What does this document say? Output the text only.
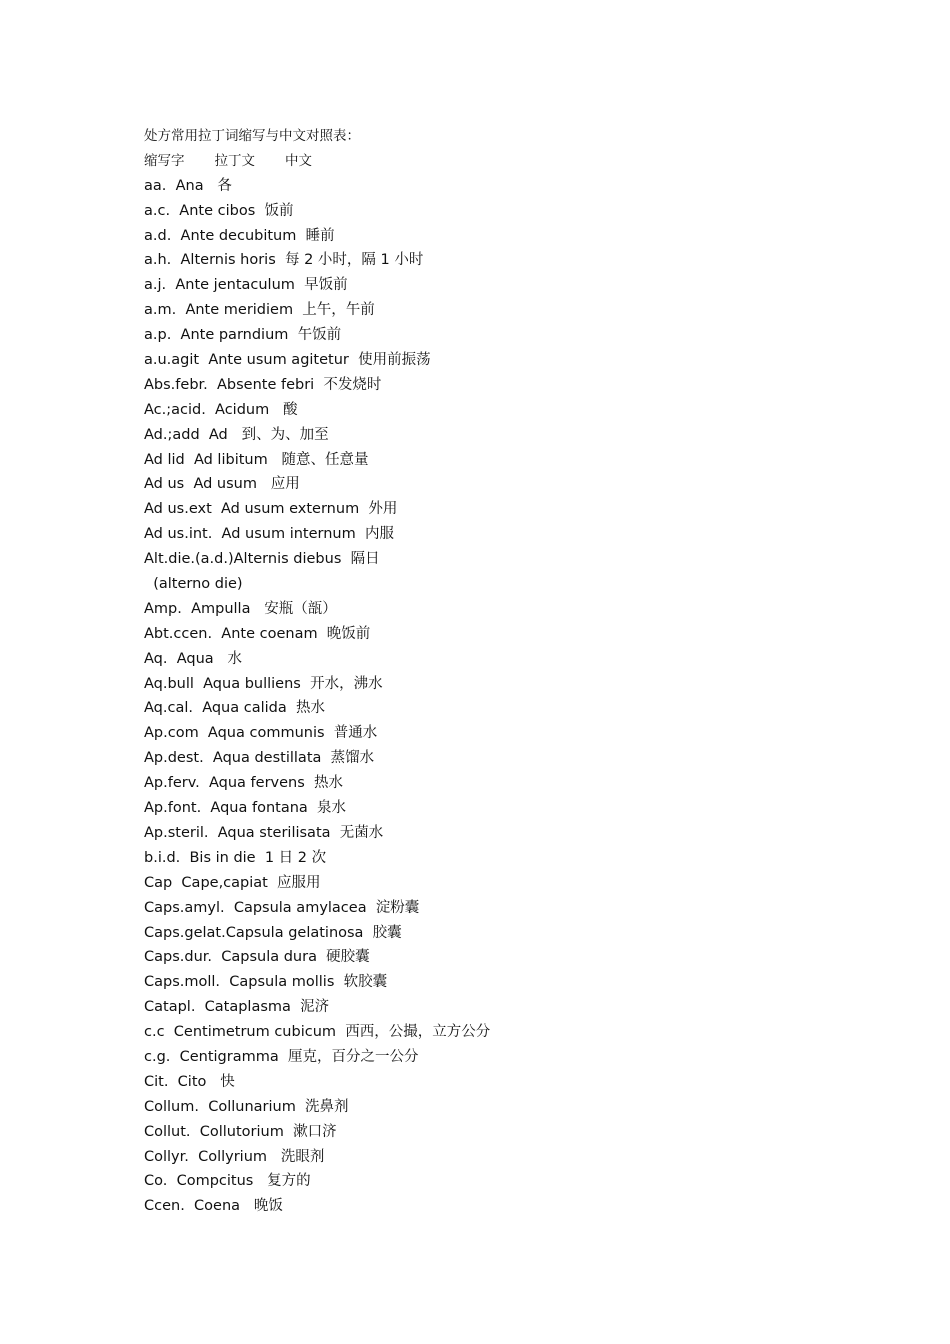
处方常用拉丁词缩写与中文对照表：
缩写字 拉丁文 中文
aa.  Ana   各
a.c.  Ante cibos  饭前
a.d.  Ante decubitum  睡前
a.h.  Alternis horis  每 2 小时，隔 1 小时
a.j.  Ante jentaculum  早饭前
a.m.  Ante meridiem  上午，午前
a.p.  Ante parndium  午饭前
a.u.agit  Ante usum agitetur  使用前振荡
Abs.febr.  Absente febri  不发烧时
Ac.;acid.  Acidum   酸
Ad.;add  Ad   到、为、加至
Ad lid  Ad libitum   随意、任意量
Ad us  Ad usum   应用
Ad us.ext  Ad usum externum  外用
Ad us.int.  Ad usum internum  内服
Alt.die.(a.d.)Alternis diebus  隔日
(alterno die)
Amp.  Ampulla   安瓶（瓿）
Abt.ccen.  Ante coenam  晚饭前
Aq.  Aqua   水
Aq.bull  Aqua bulliens  开水，沸水
Aq.cal.  Aqua calida  热水
Ap.com  Aqua communis  普通水
Ap.dest.  Aqua destillata  蒸馏水
Ap.ferv.  Aqua fervens  热水
Ap.font.  Aqua fontana  泉水
Ap.steril.  Aqua sterilisata  无菌水
b.i.d.  Bis in die  1 日 2 次
Cap  Cape,capiat  应服用
Caps.amyl.  Capsula amylacea  淀粉囊
Caps.gelat.Capsula gelatinosa  胶囊
Caps.dur.  Capsula dura  硬胶囊
Caps.moll.  Capsula mollis  软胶囊
Catapl.  Cataplasma  泥济
c.c  Centimetrum cubicum  西西，公撮，立方公分
c.g.  Centigramma  厘克，百分之一公分
Cit.  Cito   快
Collum.  Collunarium  洗鼻剂
Collut.  Collutorium  漱口济
Collyr.  Collyrium   洗眼剂
Co.  Compcitus   复方的
Ccen.  Coena   晚饭
